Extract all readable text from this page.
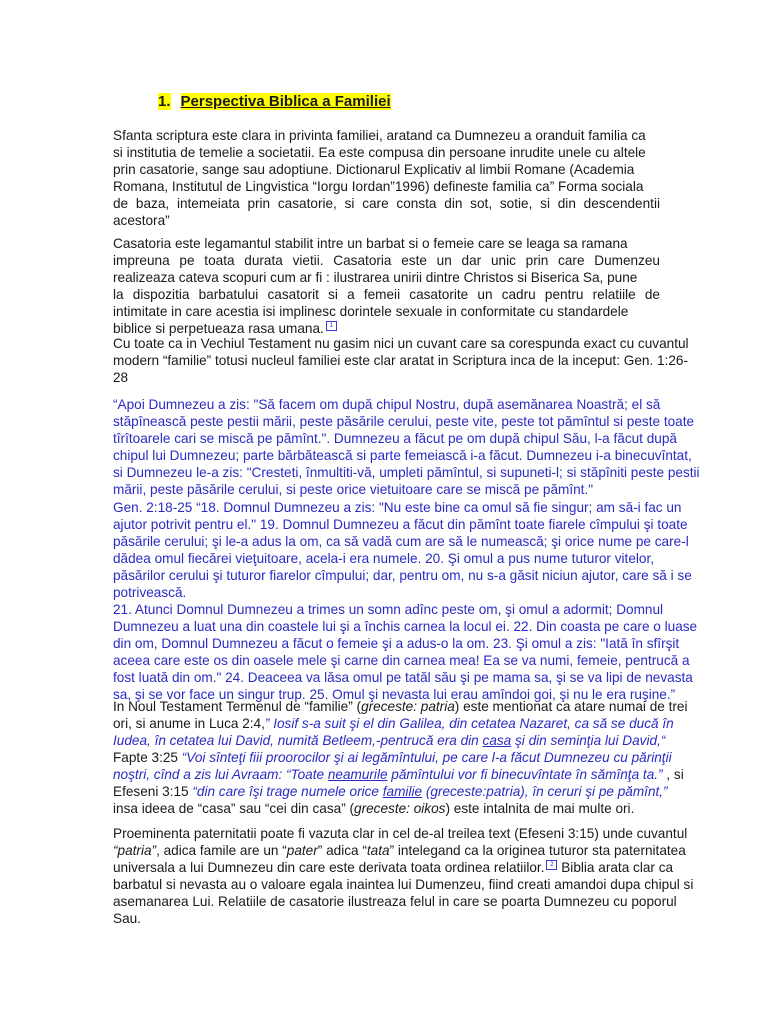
1. Perspectiva Biblica a Familiei
Sfanta scriptura este clara in privinta familiei, aratand ca Dumnezeu a oranduit familia ca
si institutia de temelie a societatii. Ea este compusa din persoane inrudite unele cu altele
prin casatorie, sange sau adoptiune. Dictionarul Explicativ al limbii Romane (Academia
Romana, Institutul de Lingvistica “Iorgu Iordan”1996) defineste familia ca” Forma sociala
de baza, intemeiata prin casatorie, si care consta din sot, sotie, si din descendentii
acestora”
Casatoria este legamantul stabilit intre un barbat si o femeie care se leaga sa ramana
impreuna pe toata durata vietii. Casatoria este un dar unic prin care Dumenzeu
realizeaza cateva scopuri cum ar fi : ilustrarea unirii dintre Christos si Biserica Sa, pune
la dispozitia barbatului casatorit si a femeii casatorite un cadru pentru relatiile de
intimitate in care acestia isi implinesc dorintele sexuale in conformitate cu standardele
biblice si perpetueaza rasa umana. 1
Cu toate ca in Vechiul Testament nu gasim nici un cuvant care sa corespunda exact cu cuvantul
modern “familie” totusi nucleul familiei este clar aratat in Scriptura inca de la inceput: Gen. 1:26-
28
“Apoi Dumnezeu a zis: "Să facem om după chipul Nostru, după asemănarea Noastră; el să
stăpînească peste pestii mării, peste păsările cerului, peste vite, peste tot pămîntul si peste toate
tîrîtoarele cari se miscă pe pămînt.". Dumnezeu a făcut pe om după chipul Său, l-a făcut după
chipul lui Dumnezeu; parte bărbătească si parte femeiască i-a făcut. Dumnezeu i-a binecuvîntat,
si Dumnezeu le-a zis: "Cresteti, înmultiti-vă, umpleti pămîntul, si supuneti-l; si stăpîniti peste pestii
mării, peste păsările cerului, si peste orice vietuitoare care se miscă pe pămînt."
Gen. 2:18-25 “18. Domnul Dumnezeu a zis: "Nu este bine ca omul să fie singur; am să-i fac un
ajutor potrivit pentru el." 19. Domnul Dumnezeu a făcut din pămînt toate fiarele cîmpului şi toate
păsările cerului; şi le-a adus la om, ca să vadă cum are să le numească; şi orice nume pe care-l
dădea omul fiecărei vieţuitoare, acela-i era numele. 20. Şi omul a pus nume tuturor vitelor,
păsărilor cerului şi tuturor fiarelor cîmpului; dar, pentru om, nu s-a găsit niciun ajutor, care să i se
potrivească.
21. Atunci Domnul Dumnezeu a trimes un somn adînc peste om, şi omul a adormit; Domnul
Dumnezeu a luat una din coastele lui şi a închis carnea la locul ei. 22. Din coasta pe care o luase
din om, Domnul Dumnezeu a făcut o femeie şi a adus-o la om. 23. Şi omul a zis: "Iată în sfîrşit
aceea care este os din oasele mele şi carne din carnea mea! Ea se va numi, femeie, pentrucă a
fost luată din om." 24. Deaceea va lăsa omul pe tatăl său şi pe mama sa, şi se va lipi de nevasta
sa, şi se vor face un singur trup. 25. Omul şi nevasta lui erau amîndoi goi, şi nu le era ruşine.”
In Noul Testament Termenul de “familie” (greceste: patria) este mentionat ca atare numai de trei
ori, si anume in Luca 2:4,” Iosif s-a suit şi el din Galilea, din cetatea Nazaret, ca să se ducă în
Iudea, în cetatea lui David, numită Betleem,-pentrucă era din casa şi din seminţia lui David,“
Fapte 3:25 “Voi sînteţi fiii proorocilor şi ai legămîntului, pe care l-a făcut Dumnezeu cu părinţii
noştri, cînd a zis lui Avraam: “Toate neamurile pămîntului vor fi binecuvîntate în sămînţa ta.” , si
Efeseni 3:15 “din care îşi trage numele orice familie (greceste:patria), în ceruri şi pe pămînt,”
insa ideea de “casa” sau “cei din casa” (greceste: oikos) este intalnita de mai multe ori.
Proeminenta paternitatii poate fi vazuta clar in cel de-al treilea text (Efeseni 3:15) unde cuvantul
“patria”, adica famile are un “pater” adica “tata” intelegand ca la originea tuturor sta paternitatea
universala a lui Dumnezeu din care este derivata toata ordinea relatiilor. 2 Biblia arata clar ca
barbatul si nevasta au o valoare egala inaintea lui Dumenzeu, fiind creati amandoi dupa chipul si
asemanarea Lui. Relatiile de casatorie ilustreaza felul in care se poarta Dumnezeu cu poporul
Sau.
